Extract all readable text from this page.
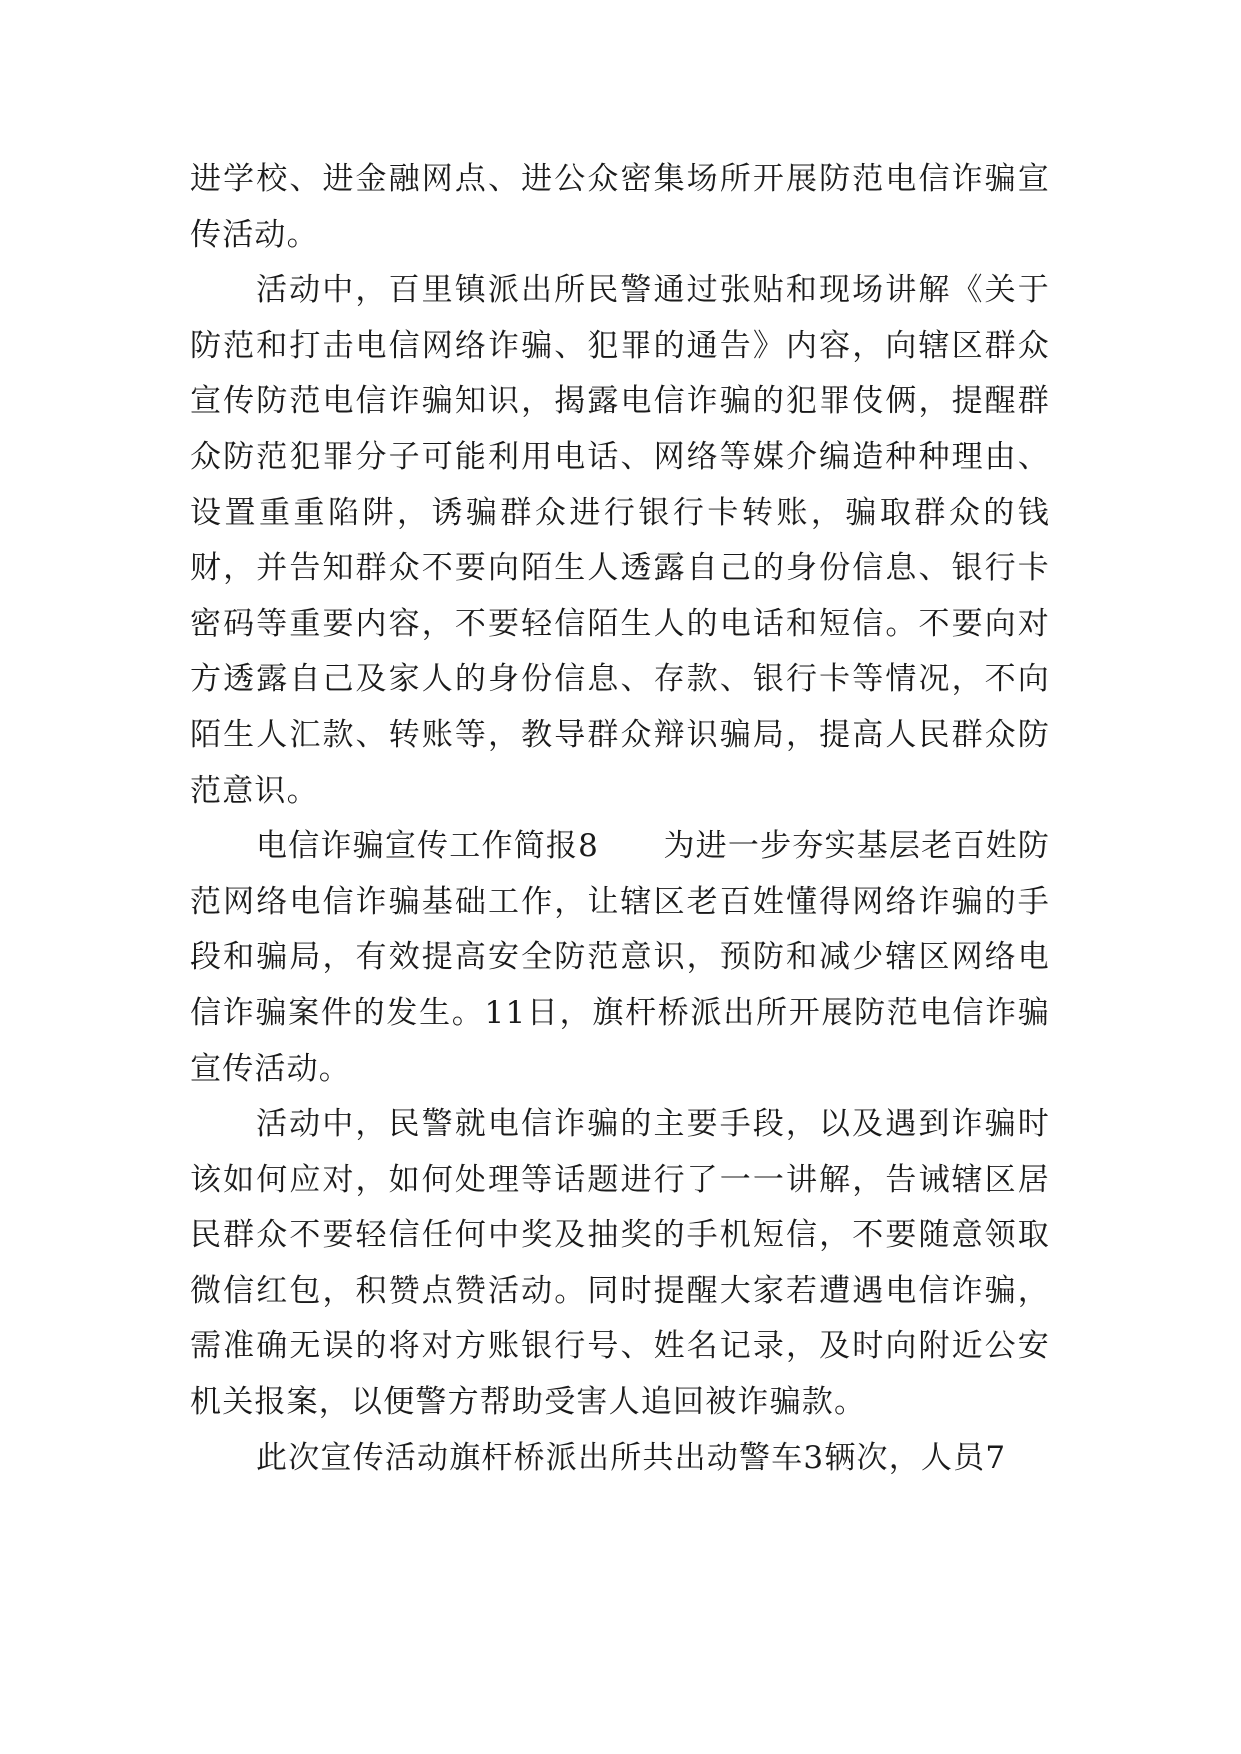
进学校、进金融网点、进公众密集场所开展防范电信诈骗宣传活动。

活动中，百里镇派出所民警通过张贴和现场讲解《关于防范和打击电信网络诈骗、犯罪的通告》内容，向辖区群众宣传防范电信诈骗知识，揭露电信诈骗的犯罪伎俩，提醒群众防范犯罪分子可能利用电话、网络等媒介编造种种理由、设置重重陷阱，诱骗群众进行银行卡转账，骗取群众的钱财，并告知群众不要向陌生人透露自己的身份信息、银行卡密码等重要内容，不要轻信陌生人的电话和短信。不要向对方透露自己及家人的身份信息、存款、银行卡等情况，不向陌生人汇款、转账等，教导群众辩识骗局，提高人民群众防范意识。

电信诈骗宣传工作简报8　　为进一步夯实基层老百姓防范网络电信诈骗基础工作，让辖区老百姓懂得网络诈骗的手段和骗局，有效提高安全防范意识，预防和减少辖区网络电信诈骗案件的发生。11日，旗杆桥派出所开展防范电信诈骗宣传活动。

活动中，民警就电信诈骗的主要手段，以及遇到诈骗时该如何应对，如何处理等话题进行了一一讲解，告诫辖区居民群众不要轻信任何中奖及抽奖的手机短信，不要随意领取微信红包，积赞点赞活动。同时提醒大家若遭遇电信诈骗，需准确无误的将对方账银行号、姓名记录，及时向附近公安机关报案，以便警方帮助受害人追回被诈骗款。

此次宣传活动旗杆桥派出所共出动警车3辆次，人员7
